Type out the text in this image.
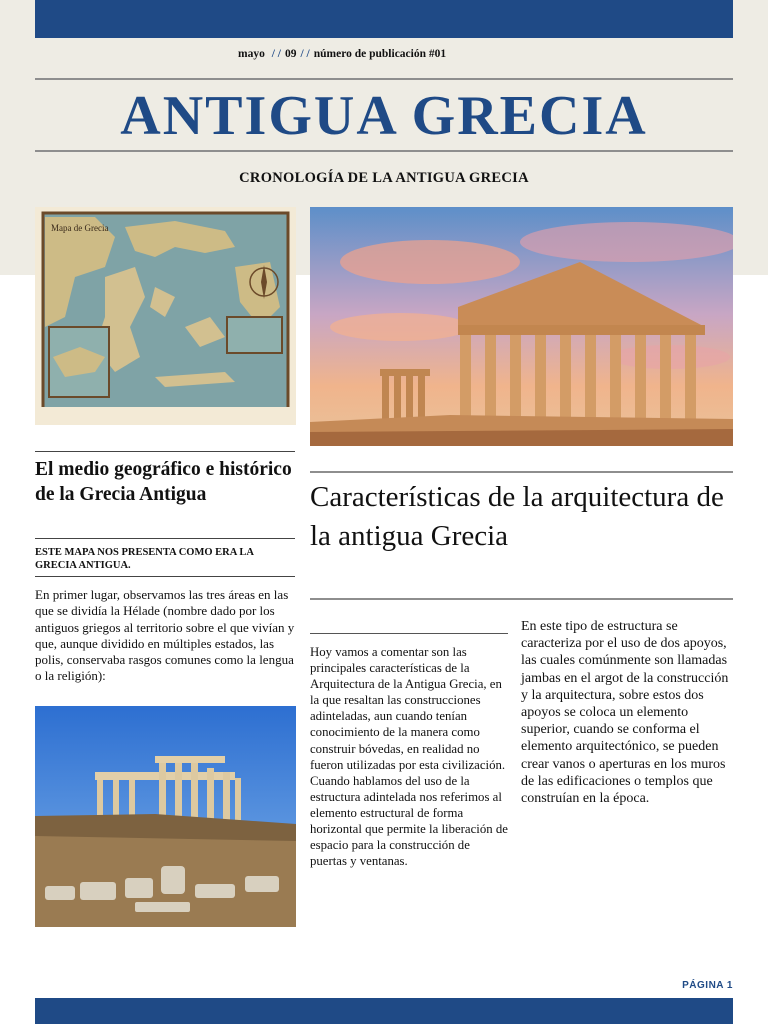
mayo / / 09 / / número de publicación #01
ANTIGUA GRECIA
CRONOLOGÍA DE LA ANTIGUA GRECIA
Mapa de Grecia
El medio geográfico e histórico de la Grecia Antigua
ESTE MAPA NOS PRESENTA COMO ERA LA GRECIA ANTIGUA.
En primer lugar, observamos las tres áreas en las que se dividía la Hélade (nombre dado por los antiguos griegos al territorio sobre el que vivían y que, aunque dividido en múltiples estados, las polis, conservaba rasgos comunes como la lengua o la religión):
Características de la arquitectura de la antigua Grecia
Hoy vamos a comentar son las principales características de la Arquitectura de la Antigua Grecia, en la que resaltan las construcciones adinteladas, aun cuando tenían conocimiento de la manera como construir bóvedas, en realidad no fueron utilizadas por esta civilización. Cuando hablamos del uso de la estructura adintelada nos referimos al elemento estructural de forma horizontal que permite la liberación de espacio para la construcción de puertas y ventanas.
En este tipo de estructura se caracteriza por el uso de dos apoyos, las cuales comúnmente son llamadas jambas en el argot de la construcción y la arquitectura, sobre estos dos apoyos se coloca un elemento superior, cuando se conforma el elemento arquitectónico, se pueden crear vanos o aperturas en los muros de las edificaciones o templos que construían en la época.
PÁGINA 1
